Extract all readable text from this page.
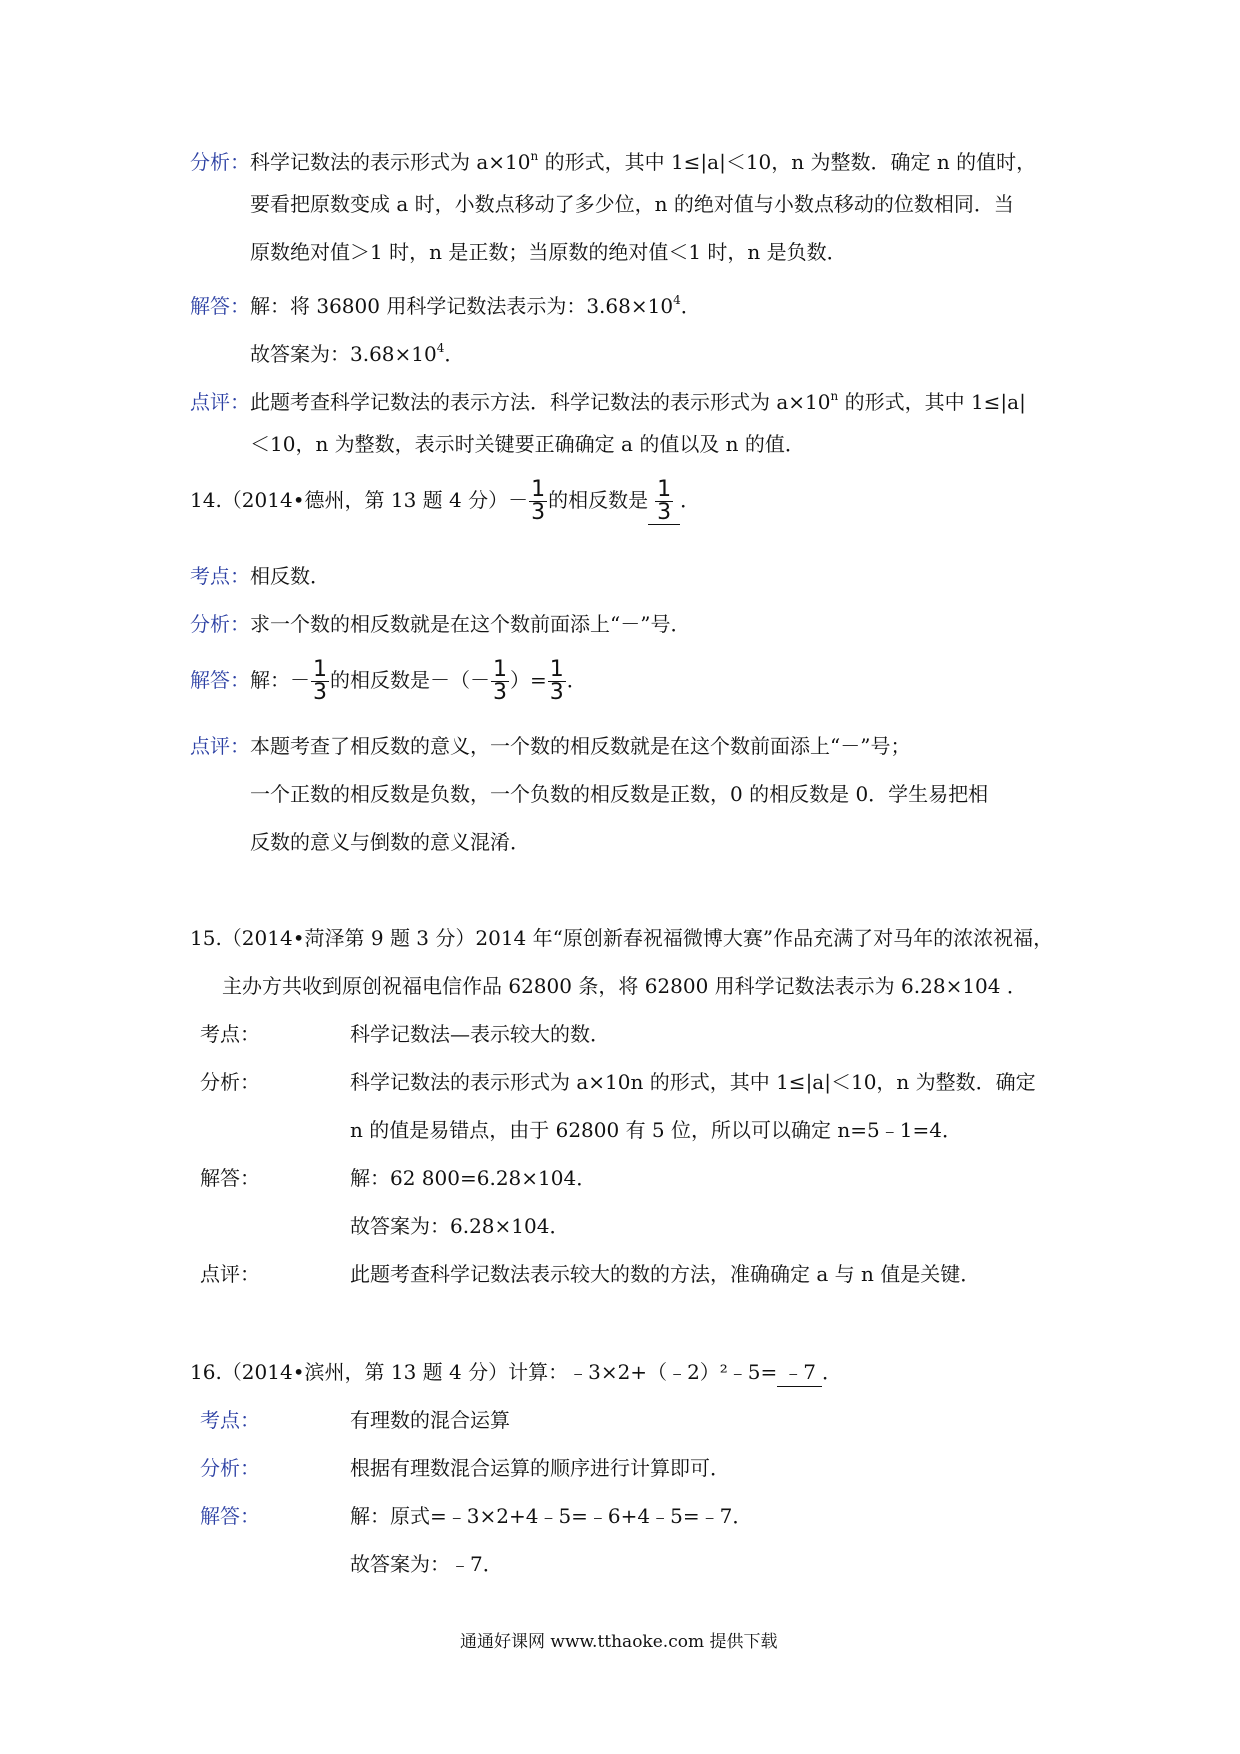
分析：科学记数法的表示形式为 $a\times 10^n$ 的形式，其中 1≤|a|＜10，n 为整数．确定 n 的值时，
要看把原数变成 a 时，小数点移动了多少位，n 的绝对值与小数点移动的位数相同．当
原数绝对值＞1 时，n 是正数；当原数的绝对值＜1 时，n 是负数．
解答：解：将 36800 用科学记数法表示为：$3.68\times 10^4$．
故答案为：$3.68\times 10^4$．
点评：此题考查科学记数法的表示方法．科学记数法的表示形式为 $a\times 10^n$ 的形式，其中 1≤|a|
＜10，n 为整数，表示时关键要正确确定 a 的值以及 n 的值．
14.（2014•德州，第 13 题 4 分）－ $\frac{1}{3}$ 的相反数是 $\frac{1}{3}$ ．
考点：相反数．
分析：求一个数的相反数就是在这个数前面添上“－”号．
解答：解：－ $\frac{1}{3}$ 的相反数是－（－ $\frac{1}{3}$ ）= $\frac{1}{3}$ ．
点评：本题考查了相反数的意义，一个数的相反数就是在这个数前面添上“－”号；
一个正数的相反数是负数，一个负数的相反数是正数，0 的相反数是 0．学生易把相
反数的意义与倒数的意义混淆．
15.（2014•菏泽第 9 题 3 分）2014 年“原创新春祝福微博大赛”作品充满了对马年的浓浓祝福，
主办方共收到原创祝福电信作品 62800 条，将 62800 用科学记数法表示为 6.28×104 ．
考点：	科学记数法—表示较大的数．
分析：	科学记数法的表示形式为 a×10n 的形式，其中 1≤|a|＜10，n 为整数．确定
n 的值是易错点，由于 62800 有 5 位，所以可以确定 n=5﹣1=4．
解答：	解：62 800=6.28×104．
故答案为：6.28×104．
点评：	此题考查科学记数法表示较大的数的方法，准确确定 a 与 n 值是关键．
16.（2014•滨州，第 13 题 4 分）计算：﹣3×2+（﹣2）²﹣5= ﹣7 ．
考点：	有理数的混合运算
分析：	根据有理数混合运算的顺序进行计算即可．
解答：	解：原式=﹣3×2+4﹣5=﹣6+4﹣5=﹣7．
故答案为：﹣7．
通通好课网 www.tthaoke.com 提供下载
